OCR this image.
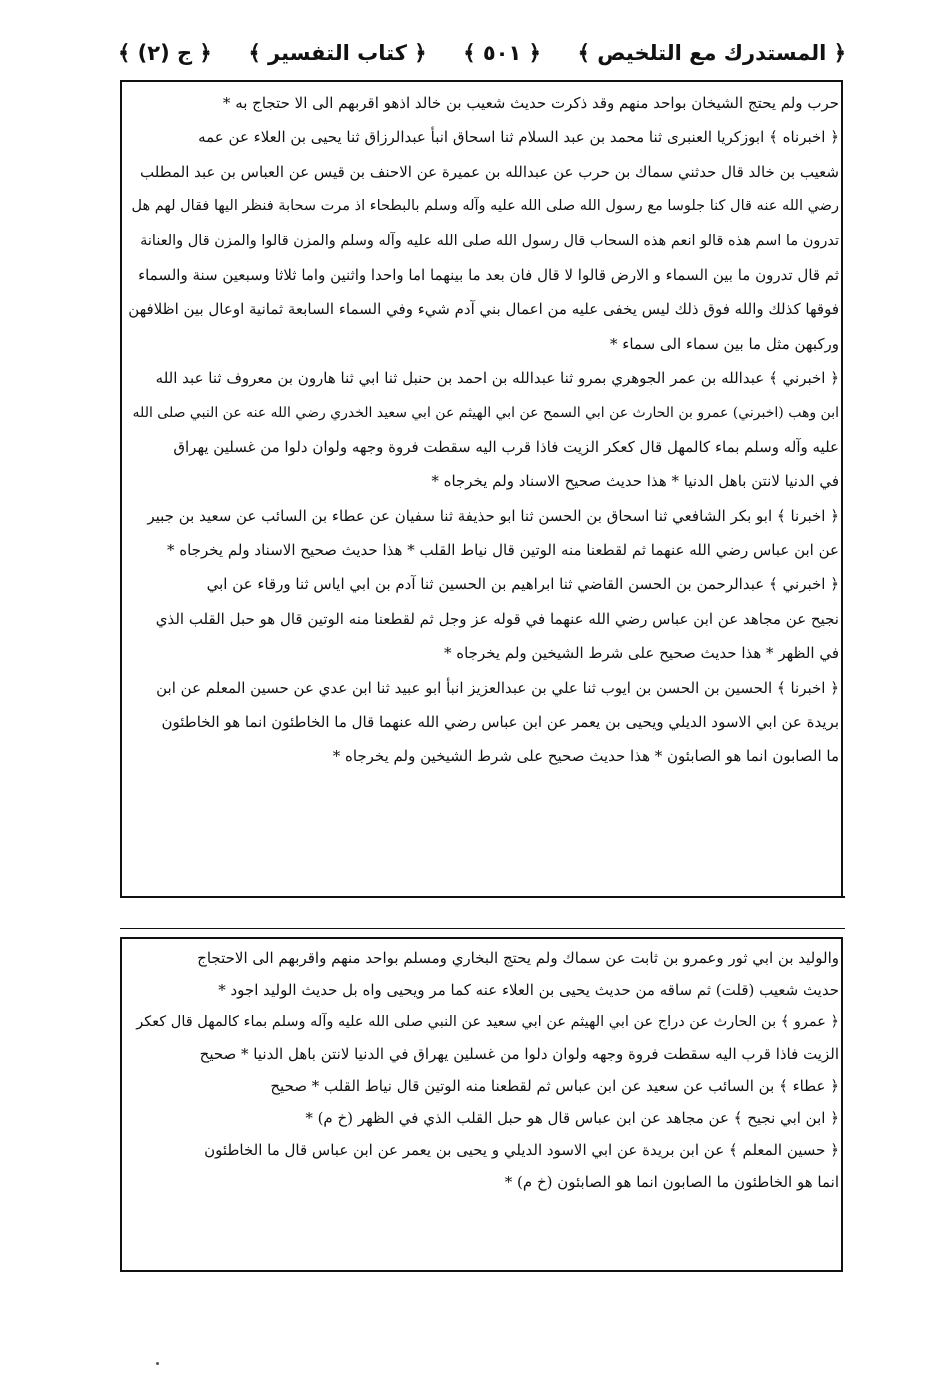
﴿ المستدرك مع التلخيص ﴾
﴿ ٥٠١ ﴾
﴿ كتاب التفسير ﴾
﴿ ج (٢) ﴾
حرب ولم يحتج الشيخان بواحد منهم وقد ذكرت حديث شعيب بن خالد اذهو اقربهم الى الا حتجاج به *
﴿ اخبرناه ﴾ ابوزكريا العنبرى ثنا محمد بن عبد السلام ثنا اسحاق انبأ عبدالرزاق ثنا يحيى بن العلاء عن عمه
شعيب بن خالد قال حدثني سماك بن حرب عن عبدالله بن عميرة عن الاحنف بن قيس عن العباس بن عبد المطلب
رضي الله عنه قال كنا جلوسا مع رسول الله صلى الله عليه وآله وسلم بالبطحاء اذ مرت سحابة فنظر اليها فقال لهم هل
تدرون ما اسم هذه قالو انعم هذه السحاب قال رسول الله صلى الله عليه وآله وسلم والمزن قالوا والمزن قال والعنانة
ثم قال تدرون ما بين السماء و الارض قالوا لا قال فان بعد ما بينهما اما واحدا واثنين واما ثلاثا وسبعين سنة والسماء
فوقها كذلك والله فوق ذلك ليس يخفى عليه من اعمال بني آدم شيء وفي السماء السابعة ثمانية اوعال بين اظلافهن
وركبهن مثل ما بين سماء الى سماء *
﴿ اخبرني ﴾ عبدالله بن عمر الجوهري بمرو ثنا عبدالله بن احمد بن حنبل ثنا ابي ثنا هارون بن معروف ثنا عبد الله
ابن وهب (اخبرني) عمرو بن الحارث عن ابي السمح عن ابي الهيثم عن ابي سعيد الخدري رضي الله عنه عن النبي صلى الله
عليه وآله وسلم بماء كالمهل قال كعكر الزيت فاذا قرب اليه سقطت فروة وجهه ولوان دلوا من غسلين يهراق
في الدنيا لانتن باهل الدنيا * هذا حديث صحيح الاسناد ولم يخرجاه *
﴿ اخبرنا ﴾ ابو بكر الشافعي ثنا اسحاق بن الحسن ثنا ابو حذيفة ثنا سفيان عن عطاء بن السائب عن سعيد بن جبير
عن ابن عباس رضي الله عنهما ثم لقطعنا منه الوتين قال نياط القلب * هذا حديث صحيح الاسناد ولم يخرجاه *
﴿ اخبرني ﴾ عبدالرحمن بن الحسن القاضي ثنا ابراهيم بن الحسين ثنا آدم بن ابي اياس ثنا ورقاء عن ابي
نجيح عن مجاهد عن ابن عباس رضي الله عنهما في قوله عز وجل ثم لقطعنا منه الوتين قال هو حبل القلب الذي
في الظهر * هذا حديث صحيح على شرط الشيخين ولم يخرجاه *
﴿ اخبرنا ﴾ الحسين بن الحسن بن ايوب ثنا علي بن عبدالعزيز انبأ ابو عبيد ثنا ابن عدي عن حسين المعلم عن ابن
بريدة عن ابي الاسود الديلي ويحيى بن يعمر عن ابن عباس رضي الله عنهما قال ما الخاطئون انما هو الخاطئون
ما الصابون انما هو الصابئون * هذا حديث صحيح على شرط الشيخين ولم يخرجاه *
والوليد بن ابي ثور وعمرو بن ثابت عن سماك ولم يحتج البخاري ومسلم بواحد منهم واقربهم الى الاحتجاج
حديث شعيب (قلت) ثم ساقه من حديث يحيى بن العلاء عنه كما مر ويحيى واه بل حديث الوليد اجود *
﴿ عمرو ﴾ بن الحارث عن دراج عن ابي الهيثم عن ابي سعيد عن النبي صلى الله عليه وآله وسلم بماء كالمهل قال كعكر
الزيت فاذا قرب اليه سقطت فروة وجهه ولوان دلوا من غسلين يهراق في الدنيا لانتن باهل الدنيا * صحيح
﴿ عطاء ﴾ بن السائب عن سعيد عن ابن عباس ثم لقطعنا منه الوتين قال نياط القلب * صحيح
﴿ ابن ابي نجيح ﴾ عن مجاهد عن ابن عباس قال هو حبل القلب الذي في الظهر (خ م) *
﴿ حسين المعلم ﴾ عن ابن بريدة عن ابي الاسود الديلي و يحيى بن يعمر عن ابن عباس قال ما الخاطئون
انما هو الخاطئون ما الصابون انما هو الصابئون (خ م) *
